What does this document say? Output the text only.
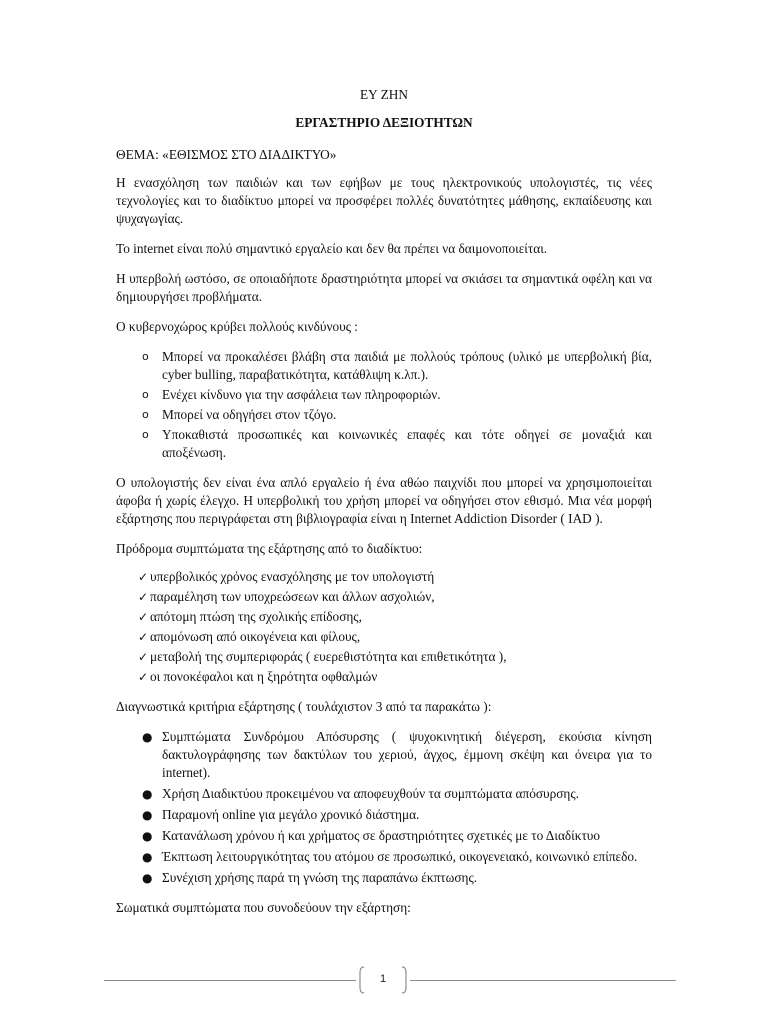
ΕΥ ΖΗΝ
ΕΡΓΑΣΤΗΡΙΟ ΔΕΞΙΟΤΗΤΩΝ

ΘΕΜΑ: «ΕΘΙΣΜΟΣ ΣΤΟ ΔΙΑΔΙΚΤΥΟ»

Η ενασχόληση των παιδιών και των εφήβων με τους ηλεκτρονικούς υπολογιστές, τις νέες τεχνολογίες και το διαδίκτυο μπορεί να προσφέρει πολλές δυνατότητες μάθησης, εκπαίδευσης και ψυχαγωγίας.

Το internet είναι πολύ σημαντικό εργαλείο και δεν θα πρέπει να δαιμονοποιείται.

Η υπερβολή ωστόσο, σε οποιαδήποτε δραστηριότητα μπορεί να σκιάσει τα σημαντικά οφέλη και να δημιουργήσει προβλήματα.

Ο κυβερνοχώρος κρύβει πολλούς κινδύνους :

o Μπορεί να προκαλέσει βλάβη στα παιδιά με πολλούς τρόπους (υλικό με υπερβολική βία, cyber bulling, παραβατικότητα, κατάθλιψη κ.λπ.).
o Ενέχει κίνδυνο για την ασφάλεια των πληροφοριών.
o Μπορεί να οδηγήσει στον τζόγο.
o Υποκαθιστά προσωπικές και κοινωνικές επαφές και τότε οδηγεί σε μοναξιά και αποξένωση.

Ο υπολογιστής δεν είναι ένα απλό εργαλείο ή ένα αθώο παιχνίδι που μπορεί να χρησιμοποιείται άφοβα ή χωρίς έλεγχο. Η υπερβολική του χρήση μπορεί να οδηγήσει στον εθισμό. Μια νέα μορφή εξάρτησης που περιγράφεται στη βιβλιογραφία είναι η Internet Addiction Disorder ( IAD ).

Πρόδρομα συμπτώματα της εξάρτησης από το διαδίκτυο:

✓ υπερβολικός χρόνος ενασχόλησης με τον υπολογιστή
✓ παραμέληση των υποχρεώσεων και άλλων ασχολιών,
✓ απότομη πτώση της σχολικής επίδοσης,
✓ απομόνωση από οικογένεια και φίλους,
✓ μεταβολή της συμπεριφοράς ( ευερεθιστότητα και επιθετικότητα ),
✓ οι πονοκέφαλοι και η ξηρότητα οφθαλμών

Διαγνωστικά κριτήρια εξάρτησης ( τουλάχιστον 3 από τα παρακάτω ):

● Συμπτώματα Συνδρόμου Απόσυρσης ( ψυχοκινητική διέγερση, εκούσια κίνηση δακτυλογράφησης των δακτύλων του χεριού, άγχος, έμμονη σκέψη και όνειρα για το internet).
● Χρήση Διαδικτύου προκειμένου να αποφευχθούν τα συμπτώματα απόσυρσης.
● Παραμονή online για μεγάλο χρονικό διάστημα.
● Κατανάλωση χρόνου ή και χρήματος σε δραστηριότητες σχετικές με το Διαδίκτυο
● Έκπτωση λειτουργικότητας του ατόμου σε προσωπικό, οικογενειακό, κοινωνικό επίπεδο.
● Συνέχιση χρήσης παρά τη γνώση της παραπάνω έκπτωσης.

Σωματικά συμπτώματα που συνοδεύουν την εξάρτηση:

1
